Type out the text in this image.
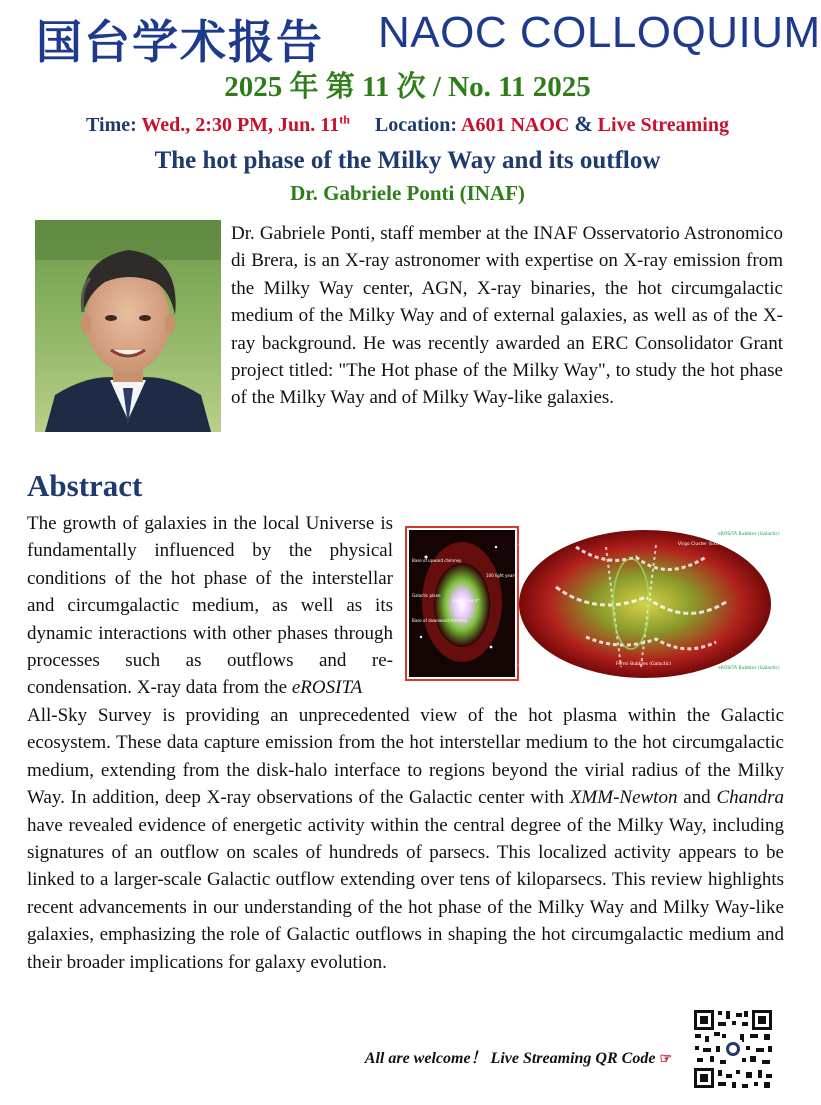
国台学术报告 NAOC COLLOQUIUM
2025 年 第 11 次 / No. 11 2025
Time: Wed., 2:30 PM, Jun. 11th Location: A601 NAOC & Live Streaming
The hot phase of the Milky Way and its outflow
Dr. Gabriele Ponti (INAF)
Dr. Gabriele Ponti, staff member at the INAF Osservatorio Astronomico di Brera, is an X-ray astronomer with expertise on X-ray emission from the Milky Way center, AGN, X-ray binaries, the hot circumgalactic medium of the Milky Way and of external galaxies, as well as of the X-ray background. He was recently awarded an ERC Consolidator Grant project titled: "The Hot phase of the Milky Way", to study the hot phase of the Milky Way and of Milky Way-like galaxies.
Abstract
The growth of galaxies in the local Universe is fundamentally influenced by the physical conditions of the hot phase of the interstellar and circumgalactic medium, as well as its dynamic interactions with other phases through processes such as outflows and re-condensation. X-ray data from the eROSITA
All-Sky Survey is providing an unprecedented view of the hot plasma within the Galactic ecosystem. These data capture emission from the hot interstellar medium to the hot circumgalactic medium, extending from the disk-halo interface to regions beyond the virial radius of the Milky Way. In addition, deep X-ray observations of the Galactic center with XMM-Newton and Chandra have revealed evidence of energetic activity within the central degree of the Milky Way, including signatures of an outflow on scales of hundreds of parsecs. This localized activity appears to be linked to a larger-scale Galactic outflow extending over tens of kiloparsecs. This review highlights recent advancements in our understanding of the hot phase of the Milky Way and Milky Way-like galaxies, emphasizing the role of Galactic outflows in shaping the hot circumgalactic medium and their broader implications for galaxy evolution.
Base of upward chimney
Galactic plane
Base of downward chimney
Sagittarius A*
100 light years
Virgo Cluster (Extragalactic)
eROSITA Bubbles (Galactic)
Fermi Bubbles (Galactic)
eROSITA Bubbles (Galactic)
All are welcome！ Live Streaming QR Code ☞
